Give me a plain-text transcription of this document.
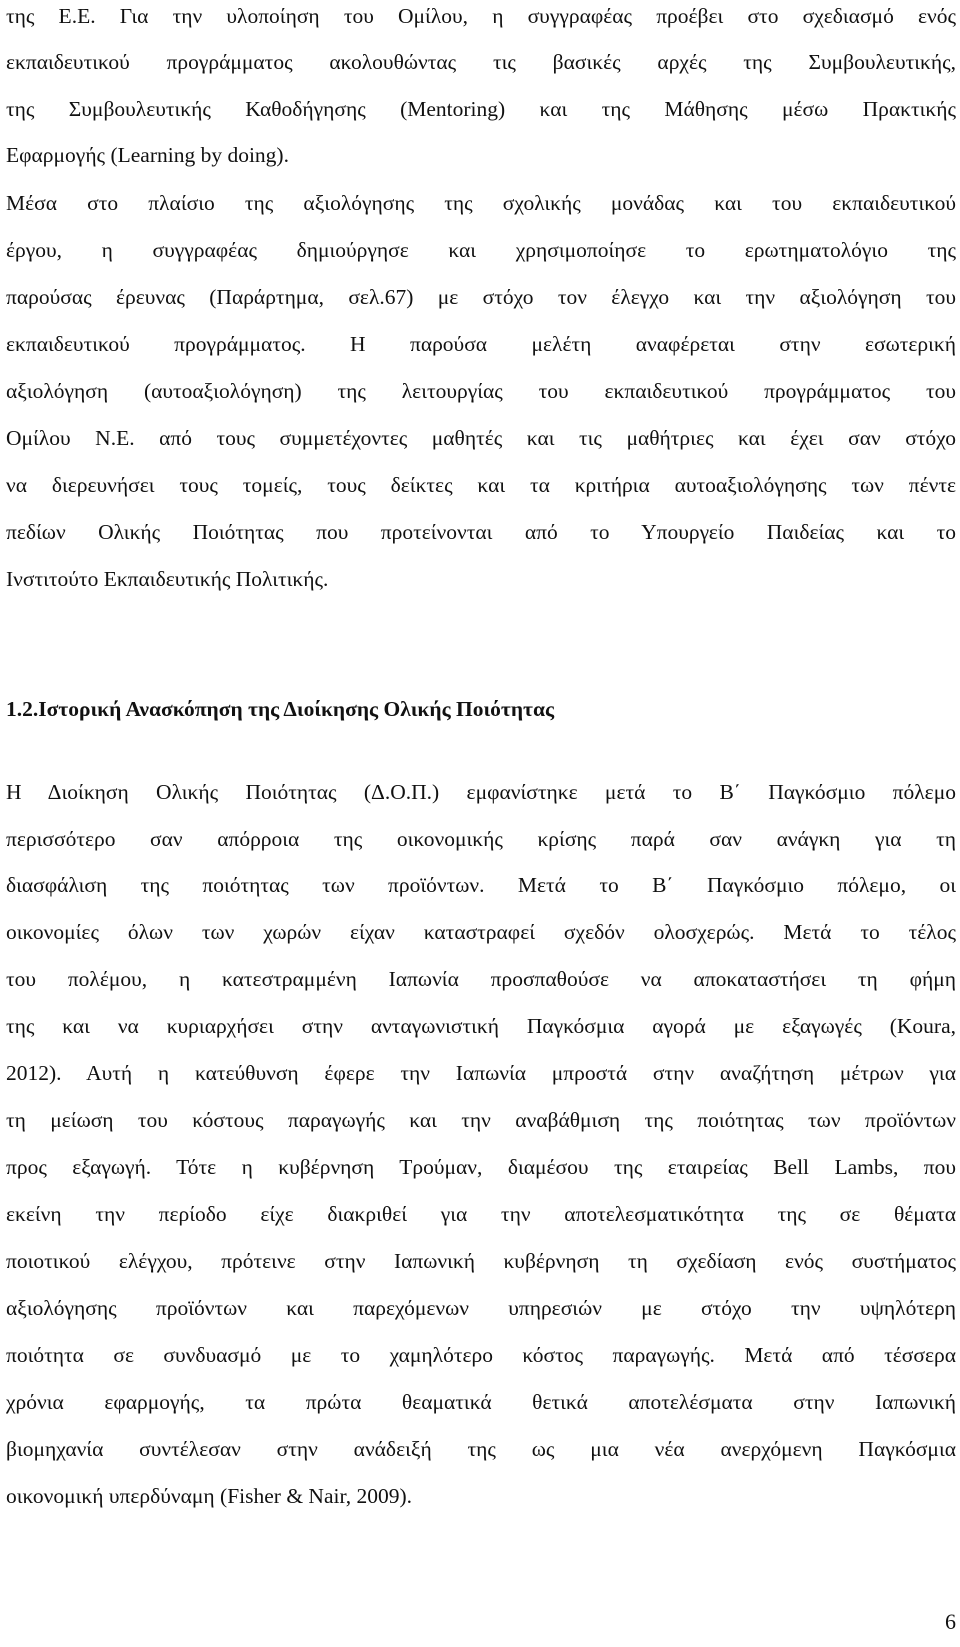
της Ε.Ε. Για την υλοποίηση του Ομίλου, η συγγραφέας προέβει στο σχεδιασμό ενός
εκπαιδευτικού προγράμματος ακολουθώντας τις βασικές αρχές της Συμβουλευτικής,
της Συμβουλευτικής Καθοδήγησης (Mentoring) και της Μάθησης μέσω Πρακτικής
Εφαρμογής (Learning by doing).
Μέσα στο πλαίσιο της αξιολόγησης της σχολικής μονάδας και του εκπαιδευτικού
έργου, η συγγραφέας δημιούργησε και χρησιμοποίησε το ερωτηματολόγιο της
παρούσας έρευνας (Παράρτημα, σελ.67) με στόχο τον έλεγχο και την αξιολόγηση του
εκπαιδευτικού προγράμματος. Η παρούσα μελέτη αναφέρεται στην εσωτερική
αξιολόγηση (αυτοαξιολόγηση) της λειτουργίας του εκπαιδευτικού προγράμματος του
Ομίλου Ν.Ε. από τους συμμετέχοντες μαθητές και τις μαθήτριες και έχει σαν στόχο
να διερευνήσει τους τομείς, τους δείκτες και τα κριτήρια αυτοαξιολόγησης των πέντε
πεδίων Ολικής Ποιότητας που προτείνονται από το Υπουργείο Παιδείας και το
Ινστιτούτο Εκπαιδευτικής Πολιτικής.
1.2.Ιστορική Ανασκόπηση της Διοίκησης Ολικής Ποιότητας
Η Διοίκηση Ολικής Ποιότητας (Δ.Ο.Π.) εμφανίστηκε μετά το Β΄ Παγκόσμιο πόλεμο
περισσότερο σαν απόρροια της οικονομικής κρίσης παρά σαν ανάγκη για τη
διασφάλιση της ποιότητας των προϊόντων. Μετά το Β΄ Παγκόσμιο πόλεμο, οι
οικονομίες όλων των χωρών είχαν καταστραφεί σχεδόν ολοσχερώς. Μετά το τέλος
του πολέμου, η κατεστραμμένη Ιαπωνία προσπαθούσε να αποκαταστήσει τη φήμη
της και να κυριαρχήσει στην ανταγωνιστική Παγκόσμια αγορά με εξαγωγές (Koura,
2012). Αυτή η κατεύθυνση έφερε την Ιαπωνία μπροστά στην αναζήτηση μέτρων για
τη μείωση του κόστους παραγωγής και την αναβάθμιση της ποιότητας των προϊόντων
προς εξαγωγή. Τότε η κυβέρνηση Τρούμαν, διαμέσου της εταιρείας Bell Lambs, που
εκείνη την περίοδο είχε διακριθεί για την αποτελεσματικότητα της σε θέματα
ποιοτικού ελέγχου, πρότεινε στην Ιαπωνική κυβέρνηση τη σχεδίαση ενός συστήματος
αξιολόγησης προϊόντων και παρεχόμενων υπηρεσιών με στόχο την υψηλότερη
ποιότητα σε συνδυασμό με το χαμηλότερο κόστος παραγωγής. Μετά από τέσσερα
χρόνια εφαρμογής, τα πρώτα θεαματικά θετικά αποτελέσματα στην Ιαπωνική
βιομηχανία συντέλεσαν στην ανάδειξή της ως μια νέα ανερχόμενη Παγκόσμια
οικονομική υπερδύναμη (Fisher & Nair, 2009).
6
